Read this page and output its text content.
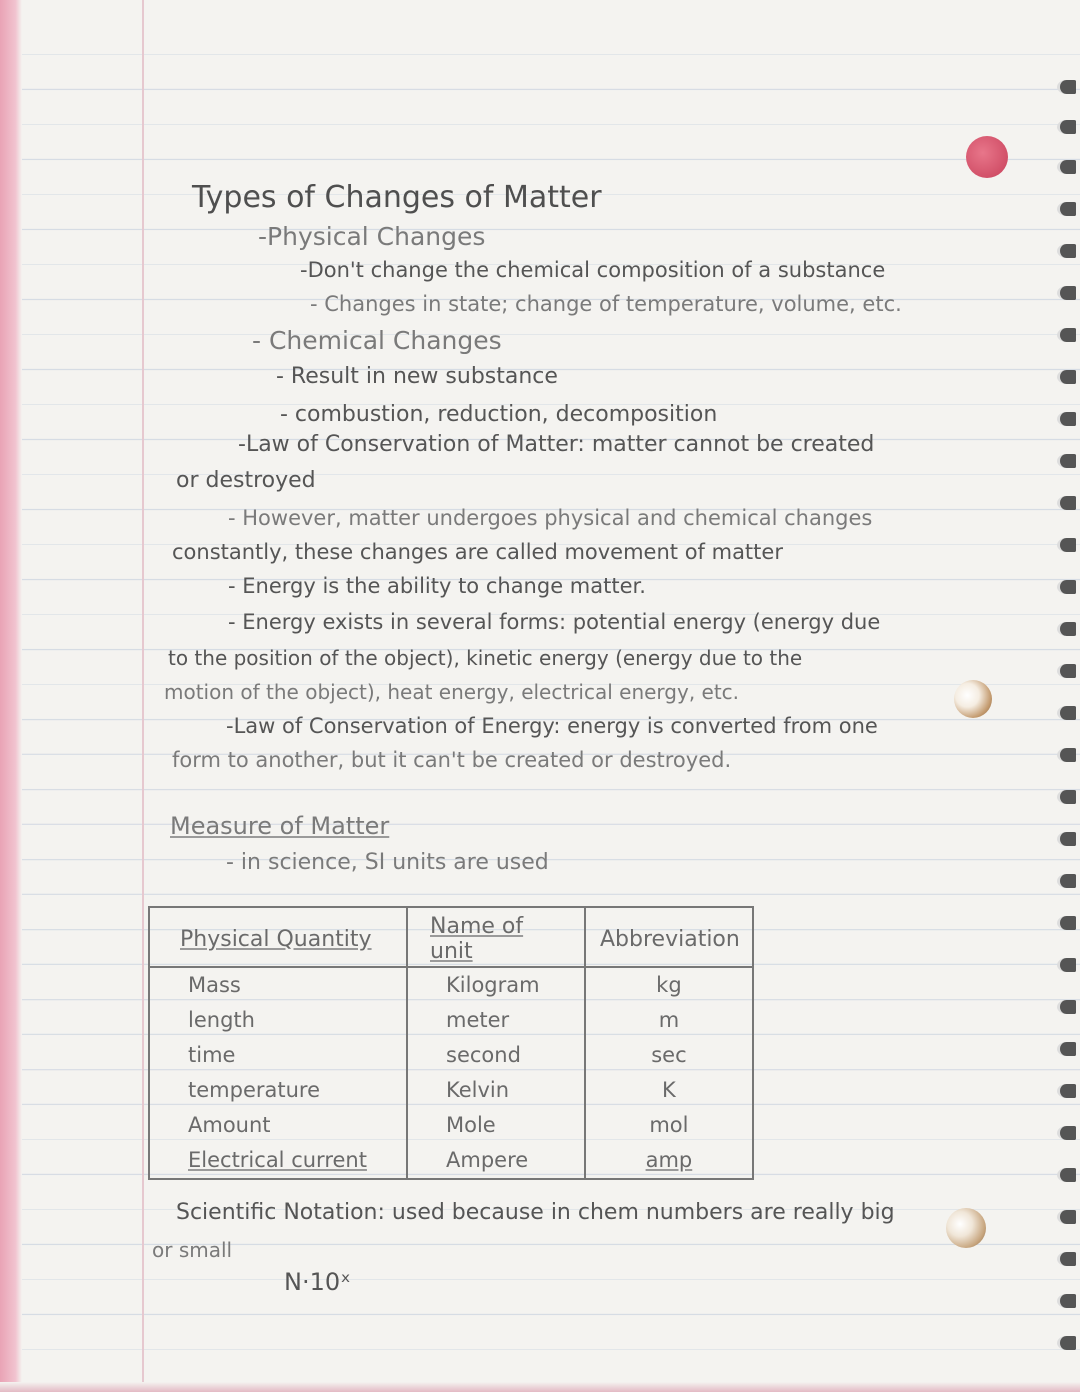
Types of Changes of Matter
-Physical Changes
-Don't change the chemical composition of a substance
- Changes in state; change of temperature, volume, etc.
- Chemical Changes
- Result in new substance
- combustion, reduction, decomposition
-Law of Conservation of Matter: matter cannot be created
or destroyed
- However, matter undergoes physical and chemical changes
constantly, these changes are called movement of matter
- Energy is the ability to change matter.
- Energy exists in several forms: potential energy (energy due
to the position of the object), kinetic energy (energy due to the
motion of the object), heat energy, electrical energy, etc.
-Law of Conservation of Energy: energy is converted from one
form to another, but it can't be created or destroyed.
Measure of Matter
- in science, SI units are used
Physical Quantity	Name of unit	Abbreviation
Mass	Kilogram	kg
length	meter	m
time	second	sec
temperature	Kelvin	K
Amount	Mole	mol
Electrical current	Ampere	amp
Scientific Notation: used because in chem numbers are really big
or small
N·10ˣ
